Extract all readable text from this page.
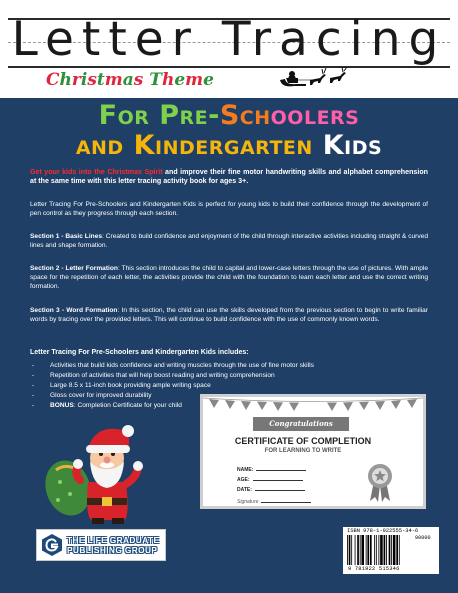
Letter Tracing
Christmas Theme
For Pre-Schoolers
and Kindergarten Kids
Get your kids into the Christmas Spirit and improve their fine motor handwriting skills and alphabet comprehension at the same time with this letter tracing activity book for ages 3+.
Letter Tracing For Pre-Schoolers and Kindergarten Kids is perfect for young kids to build their confidence through the development of pen control as they progress through each section.
Section 1 - Basic Lines: Created to build confidence and enjoyment of the child through interactive activities including straight & curved lines and shape formation.
Section 2 - Letter Formation: This section introduces the child to capital and lower-case letters through the use of pictures. With ample space for the repetition of each letter, the activities provide the child with the foundation to learn each letter and use the correct writing formation.
Section 3 - Word Formation: In this section, the child can use the skills developed from the previous section to begin to write familiar words by tracing over the provided letters. This will continue to build confidence with the use of commonly known words.
Letter Tracing For Pre-Schoolers and Kindergarten Kids includes:
- Activities that build kids confidence and writing muscles through the use of fine motor skills
- Repetition of activities that will help boost reading and writing comprehension
- Large 8.5 x 11-inch book providing ample writing space
- Gloss cover for improved durability
- BONUS: Completion Certificate for your child
Congratulations
CERTIFICATE OF COMPLETION
FOR LEARNING TO WRITE
NAME:
AGE:
DATE:
Signature
THE LIFE GRADUATE
PUBLISHING GROUP
ISBN 978-1-922555-34-6
90000
9 781922 515346
